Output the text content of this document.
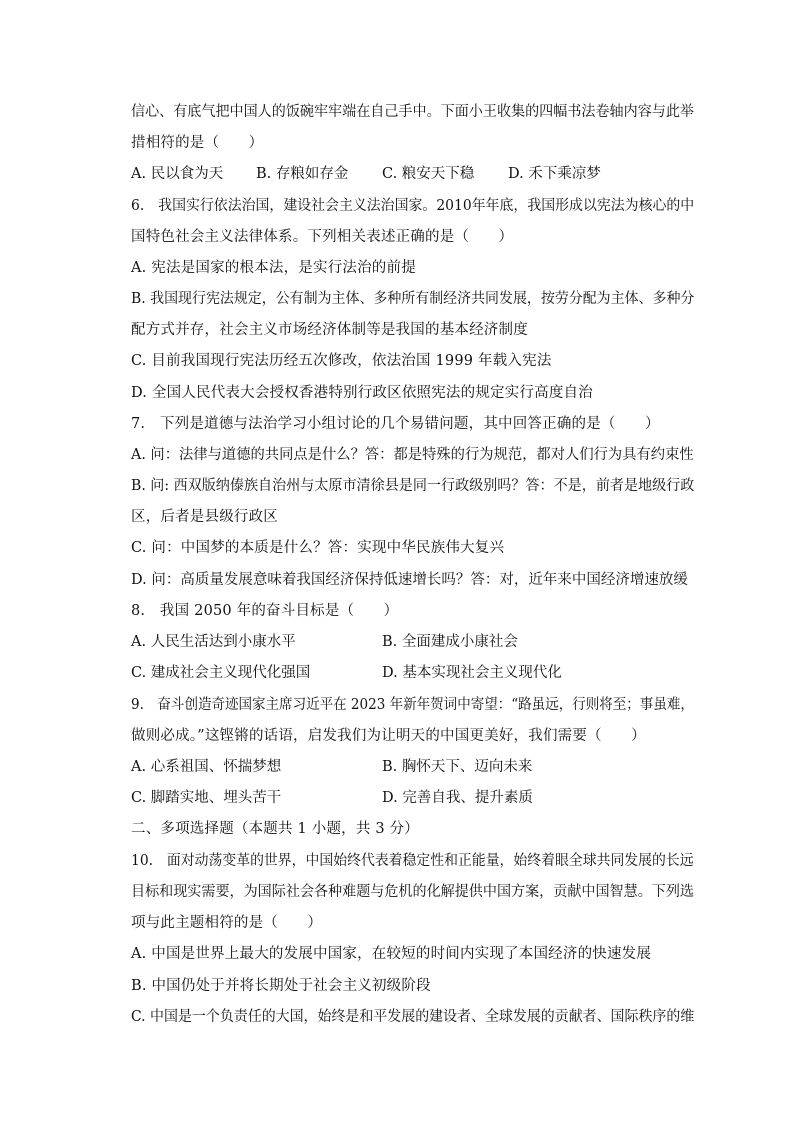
信心、有底气把中国人的饭碗牢牢端在自己手中。下面小王收集的四幅书法卷轴内容与此举
措相符的是（　　）
A. 民以食为天 B. 存粮如存金 C. 粮安天下稳 D. 禾下乘凉梦
6.　我国实行依法治国，建设社会主义法治国家。2010年年底，我国形成以宪法为核心的中
国特色社会主义法律体系。下列相关表述正确的是（　　）
A. 宪法是国家的根本法，是实行法治的前提
B. 我国现行宪法规定，公有制为主体、多种所有制经济共同发展，按劳分配为主体、多种分
配方式并存，社会主义市场经济体制等是我国的基本经济制度
C. 目前我国现行宪法历经五次修改，依法治国 1999 年载入宪法
D. 全国人民代表大会授权香港特别行政区依照宪法的规定实行高度自治
7.　下列是道德与法治学习小组讨论的几个易错问题，其中回答正确的是（　　）
A. 问：法律与道德的共同点是什么？答：都是特殊的行为规范，都对人们行为具有约束性
B. 问: 西双版纳傣族自治州与太原市清徐县是同一行政级别吗？答：不是，前者是地级行政
区，后者是县级行政区
C. 问：中国梦的本质是什么？答：实现中华民族伟大复兴
D. 问：高质量发展意味着我国经济保持低速增长吗？答：对，近年来中国经济增速放缓
8.　我国 2050 年的奋斗目标是（　　）
A. 人民生活达到小康水平	B. 全面建成小康社会
C. 建成社会主义现代化强国	D. 基本实现社会主义现代化
9.　奋斗创造奇迹国家主席习近平在 2023 年新年贺词中寄望：“路虽远，行则将至；事虽难，
做则必成。”这铿锵的话语，启发我们为让明天的中国更美好，我们需要（　　）
A. 心系祖国、怀揣梦想	B. 胸怀天下、迈向未来
C. 脚踏实地、埋头苦干	D. 完善自我、提升素质
二、多项选择题（本题共 1 小题，共 3 分）
10.　面对动荡变革的世界，中国始终代表着稳定性和正能量，始终着眼全球共同发展的长远
目标和现实需要，为国际社会各种难题与危机的化解提供中国方案，贡献中国智慧。下列选
项与此主题相符的是（　　）
A. 中国是世界上最大的发展中国家，在较短的时间内实现了本国经济的快速发展
B. 中国仍处于并将长期处于社会主义初级阶段
C. 中国是一个负责任的大国，始终是和平发展的建设者、全球发展的贡献者、国际秩序的维
